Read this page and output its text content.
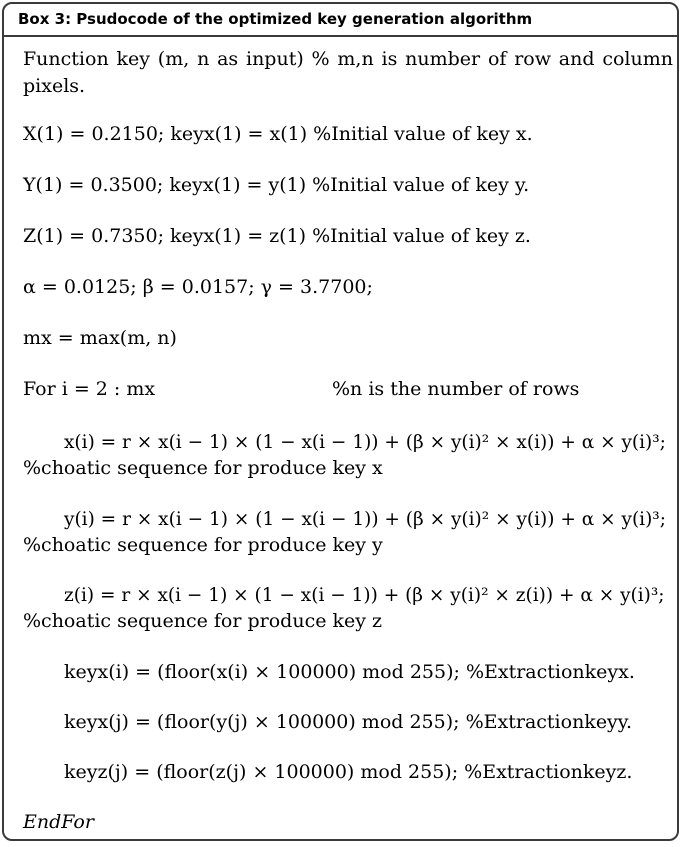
Box 3: Psudocode of the optimized key generation algorithm
Function key (m, n as input) % m,n is number of row and column pixels.
X(1) = 0.2150; keyx(1) = x(1) %Initial value of key x.
Y(1) = 0.3500; keyx(1) = y(1) %Initial value of key y.
Z(1) = 0.7350; keyx(1) = z(1) %Initial value of key z.
α = 0.0125; β = 0.0157; γ = 3.7700;
mx = max(m, n)
For i = 2 : mx	%n is the number of rows
x(i) = r × x(i − 1) × (1 − x(i − 1)) + (β × y(i)² × x(i)) + α × y(i)³;
%choatic sequence for produce key x
y(i) = r × x(i − 1) × (1 − x(i − 1)) + (β × y(i)² × y(i)) + α × y(i)³;
%choatic sequence for produce key y
z(i) = r × x(i − 1) × (1 − x(i − 1)) + (β × y(i)² × z(i)) + α × y(i)³;
%choatic sequence for produce key z
keyx(i) = (floor(x(i) × 100000) mod 255); %Extractionkeyx.
keyx(j) = (floor(y(j) × 100000) mod 255); %Extractionkeyy.
keyz(j) = (floor(z(j) × 100000) mod 255); %Extractionkeyz.
EndFor
